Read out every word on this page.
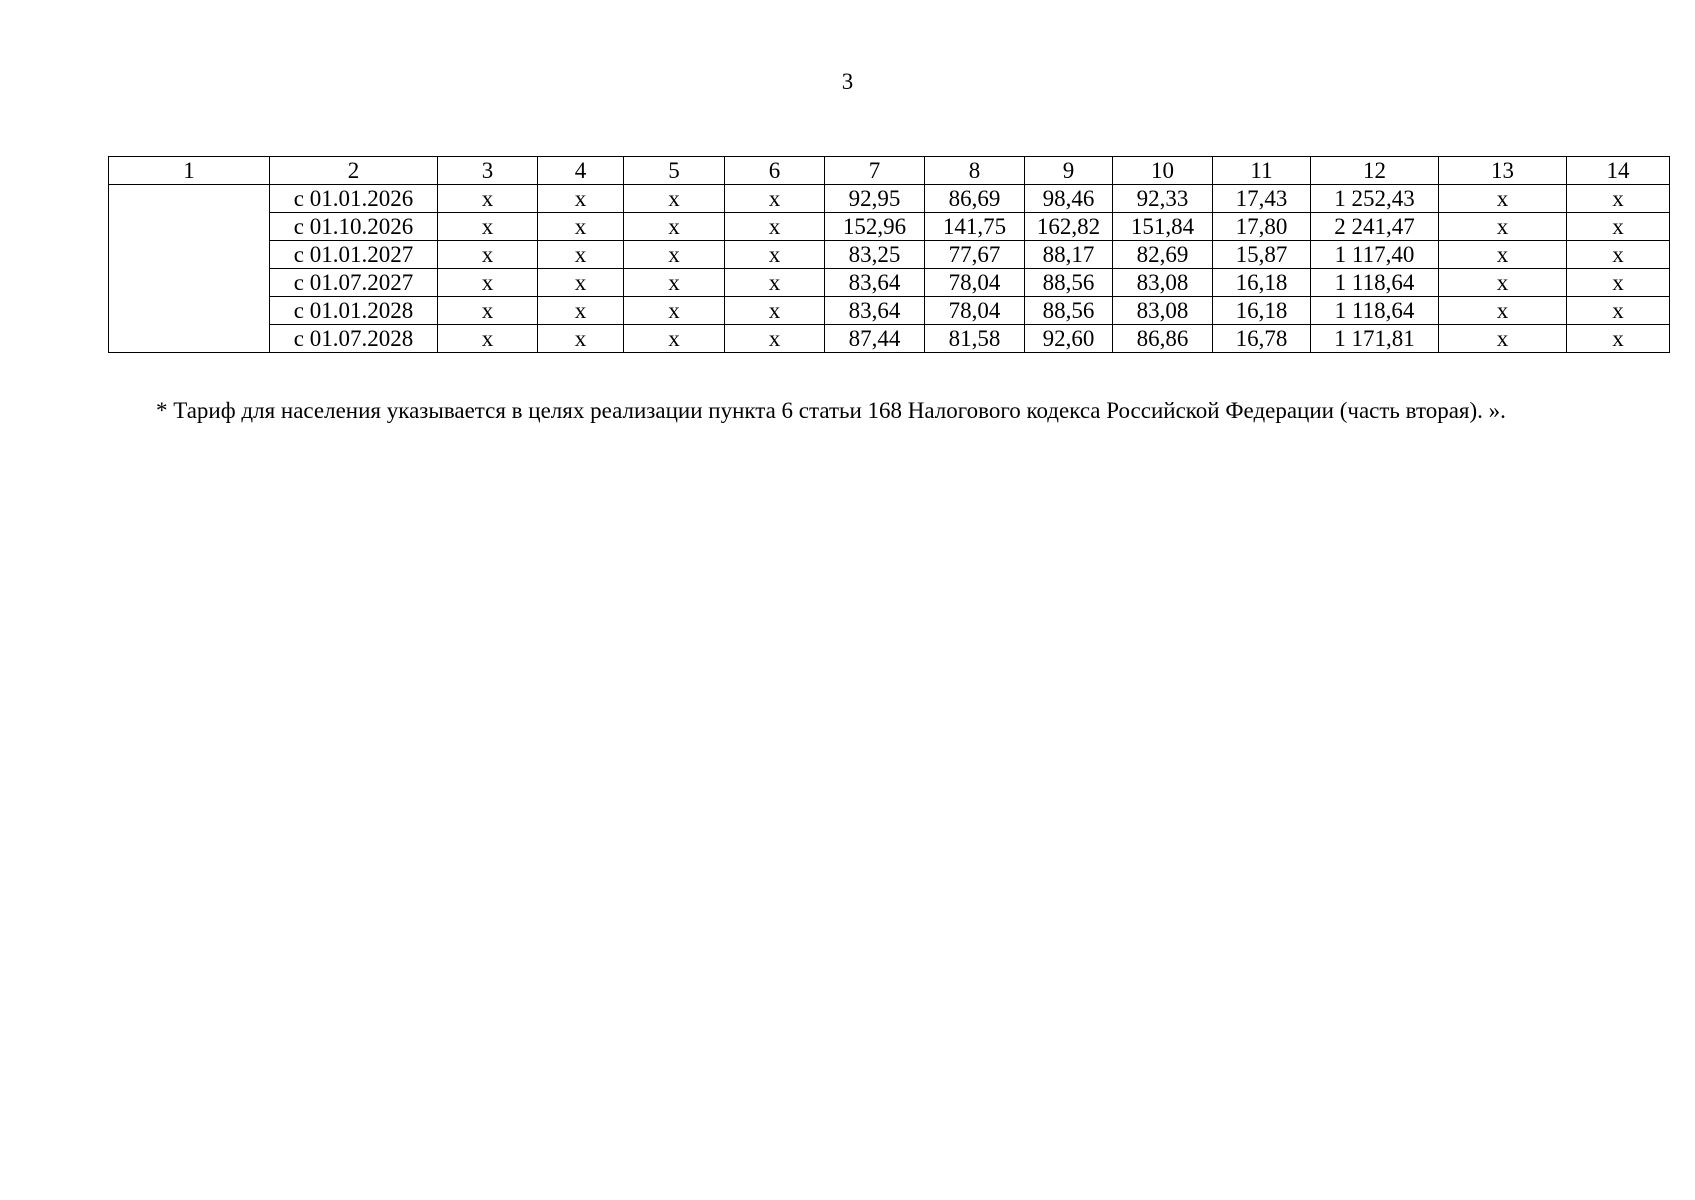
3
1	2	3	4	5	6	7	8	9	10	11	12	13	14
	с 01.01.2026	x	x	x	x	92,95	86,69	98,46	92,33	17,43	1 252,43	x	x
	с 01.10.2026	x	x	x	x	152,96	141,75	162,82	151,84	17,80	2 241,47	x	x
	с 01.01.2027	x	x	x	x	83,25	77,67	88,17	82,69	15,87	1 117,40	x	x
	с 01.07.2027	x	x	x	x	83,64	78,04	88,56	83,08	16,18	1 118,64	x	x
	с 01.01.2028	x	x	x	x	83,64	78,04	88,56	83,08	16,18	1 118,64	x	x
	с 01.07.2028	x	x	x	x	87,44	81,58	92,60	86,86	16,78	1 171,81	x	x

* Тариф для населения указывается в целях реализации пункта 6 статьи 168 Налогового кодекса Российской Федерации (часть вторая). ».
